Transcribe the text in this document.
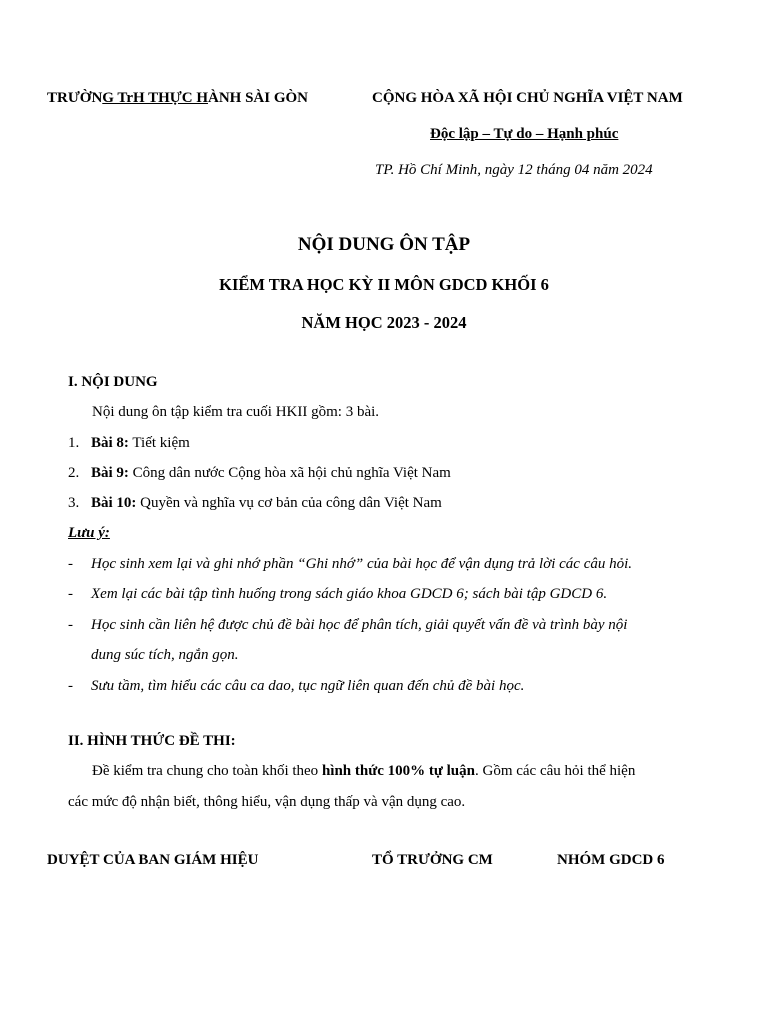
TRƯỜNG TrH THỰC HÀNH SÀI GÒN	CỘNG HÒA XÃ HỘI CHỦ NGHĨA VIỆT NAM
Độc lập – Tự do – Hạnh phúc
TP. Hồ Chí Minh, ngày 12 tháng 04 năm 2024
NỘI DUNG ÔN TẬP
KIỂM TRA HỌC KỲ II MÔN GDCD KHỐI 6
NĂM HỌC 2023 - 2024
I. NỘI DUNG
Nội dung ôn tập kiểm tra cuối HKII gồm: 3 bài.
1. Bài 8: Tiết kiệm
2. Bài 9: Công dân nước Cộng hòa xã hội chủ nghĩa Việt Nam
3. Bài 10: Quyền và nghĩa vụ cơ bản của công dân Việt Nam
Lưu ý:
- Học sinh xem lại và ghi nhớ phần “Ghi nhớ” của bài học để vận dụng trả lời các câu hỏi.
- Xem lại các bài tập tình huống trong sách giáo khoa GDCD 6; sách bài tập GDCD 6.
- Học sinh cần liên hệ được chủ đề bài học để phân tích, giải quyết vấn đề và trình bày nội
dung súc tích, ngắn gọn.
- Sưu tầm, tìm hiểu các câu ca dao, tục ngữ liên quan đến chủ đề bài học.
II. HÌNH THỨC ĐỀ THI:
Đề kiểm tra chung cho toàn khối theo hình thức 100% tự luận. Gồm các câu hỏi thể hiện
các mức độ nhận biết, thông hiểu, vận dụng thấp và vận dụng cao.
DUYỆT CỦA BAN GIÁM HIỆU	TỔ TRƯỞNG CM	NHÓM GDCD 6
